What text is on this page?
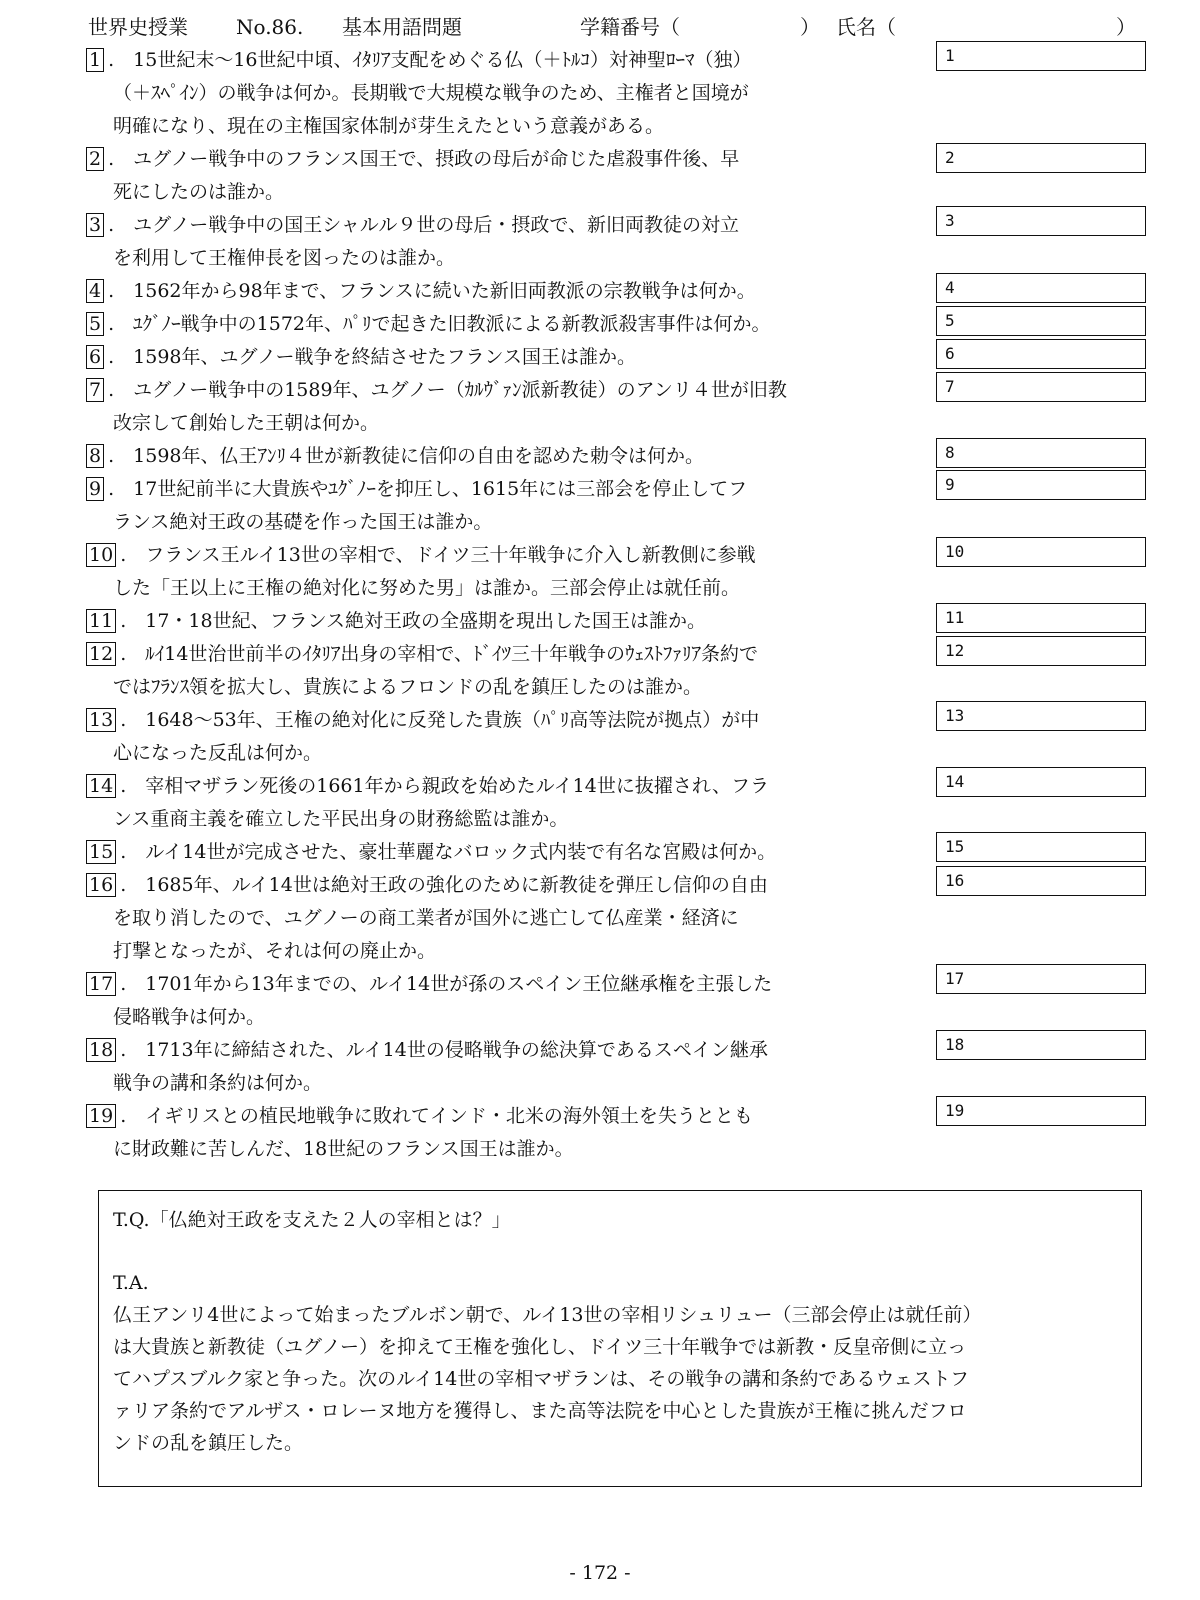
世界史授業 No.86. 基本用語問題	学籍番号（	） 氏名（	）
1 .　15世紀末～16世紀中頃、ｲﾀﾘｱ支配をめぐる仏（＋ﾄﾙｺ）対神聖ﾛｰﾏ（独）
（＋ｽﾍﾟｲﾝ）の戦争は何か。長期戦で大規模な戦争のため、主権者と国境が
明確になり、現在の主権国家体制が芽生えたという意義がある。
1
2 .　ユグノー戦争中のフランス国王で、摂政の母后が命じた虐殺事件後、早
死にしたのは誰か。
2
3 .　ユグノー戦争中の国王シャルル９世の母后・摂政で、新旧両教徒の対立
を利用して王権伸長を図ったのは誰か。
3
4 .　1562年から98年まで、フランスに続いた新旧両教派の宗教戦争は何か。	4
5 .　ﾕｸﾞﾉｰ戦争中の1572年、ﾊﾟﾘで起きた旧教派による新教派殺害事件は何か。	5
6 .　1598年、ユグノー戦争を終結させたフランス国王は誰か。	6
7 .　ユグノー戦争中の1589年、ユグノー（ｶﾙｳﾞｧﾝ派新教徒）のアンリ４世が旧教
改宗して創始した王朝は何か。
7
8 .　1598年、仏王ｱﾝﾘ４世が新教徒に信仰の自由を認めた勅令は何か。	8
9 .　17世紀前半に大貴族やﾕｸﾞﾉｰを抑圧し、1615年には三部会を停止してフ
ランス絶対王政の基礎を作った国王は誰か。
9
10 .　フランス王ルイ13世の宰相で、ドイツ三十年戦争に介入し新教側に参戦
した「王以上に王権の絶対化に努めた男」は誰か。三部会停止は就任前。
10
11 .　17・18世紀、フランス絶対王政の全盛期を現出した国王は誰か。	11
12 .　ﾙｲ14世治世前半のｲﾀﾘｱ出身の宰相で、ﾄﾞｲﾂ三十年戦争のｳｪｽﾄﾌｧﾘｱ条約で
ではﾌﾗﾝｽ領を拡大し、貴族によるフロンドの乱を鎮圧したのは誰か。
12
13 .　1648～53年、王権の絶対化に反発した貴族（ﾊﾟﾘ高等法院が拠点）が中
心になった反乱は何か。
13
14 .　宰相マザラン死後の1661年から親政を始めたルイ14世に抜擢され、フラ
ンス重商主義を確立した平民出身の財務総監は誰か。
14
15 .　ルイ14世が完成させた、豪壮華麗なバロック式内装で有名な宮殿は何か。	15
16 .　1685年、ルイ14世は絶対王政の強化のために新教徒を弾圧し信仰の自由
を取り消したので、ユグノーの商工業者が国外に逃亡して仏産業・経済に
打撃となったが、それは何の廃止か。
16
17 .　1701年から13年までの、ルイ14世が孫のスペイン王位継承権を主張した
侵略戦争は何か。
17
18 .　1713年に締結された、ルイ14世の侵略戦争の総決算であるスペイン継承
戦争の講和条約は何か。
18
19 .　イギリスとの植民地戦争に敗れてインド・北米の海外領土を失うととも
に財政難に苦しんだ、18世紀のフランス国王は誰か。
19
T.Q.「仏絶対王政を支えた２人の宰相とは？」
T.A.
仏王アンリ4世によって始まったブルボン朝で、ルイ13世の宰相リシュリュー（三部会停止は就任前）
は大貴族と新教徒（ユグノー）を抑えて王権を強化し、ドイツ三十年戦争では新教・反皇帝側に立っ
てハプスブルク家と争った。次のルイ14世の宰相マザランは、その戦争の講和条約であるウェストフ
ァリア条約でアルザス・ロレーヌ地方を獲得し、また高等法院を中心とした貴族が王権に挑んだフロ
ンドの乱を鎮圧した。
- 172 -
